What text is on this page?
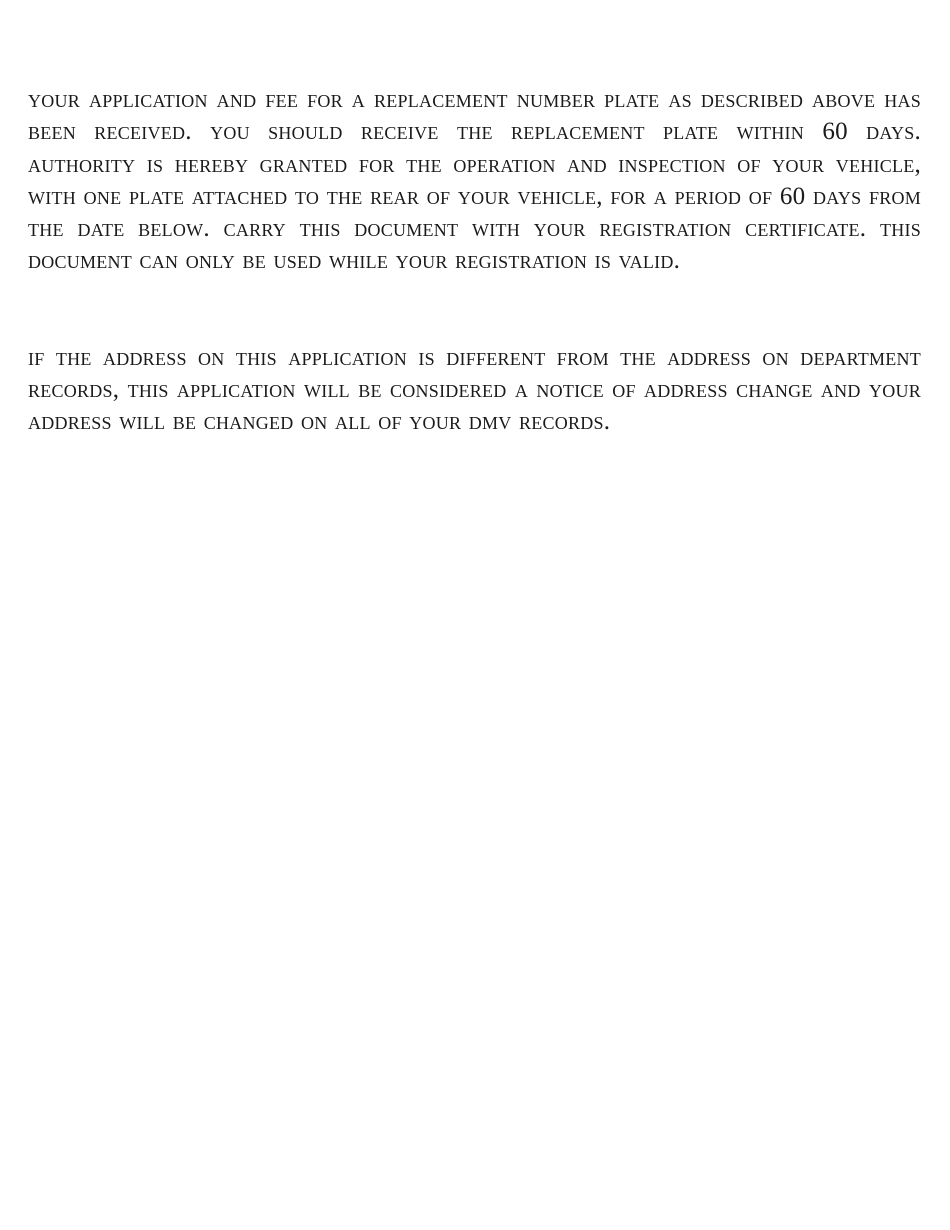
your application and fee for a replacement number plate as described above has been received. you should receive the replacement plate within 60 days. authority is hereby granted for the operation and inspection of your vehicle, with one plate attached to the rear of your vehicle, for a period of 60 days from the date below. carry this document with your registration certificate. this document can only be used while your registration is valid.

if the address on this application is different from the address on department records, this application will be considered a notice of address change and your address will be changed on all of your dmv records.
